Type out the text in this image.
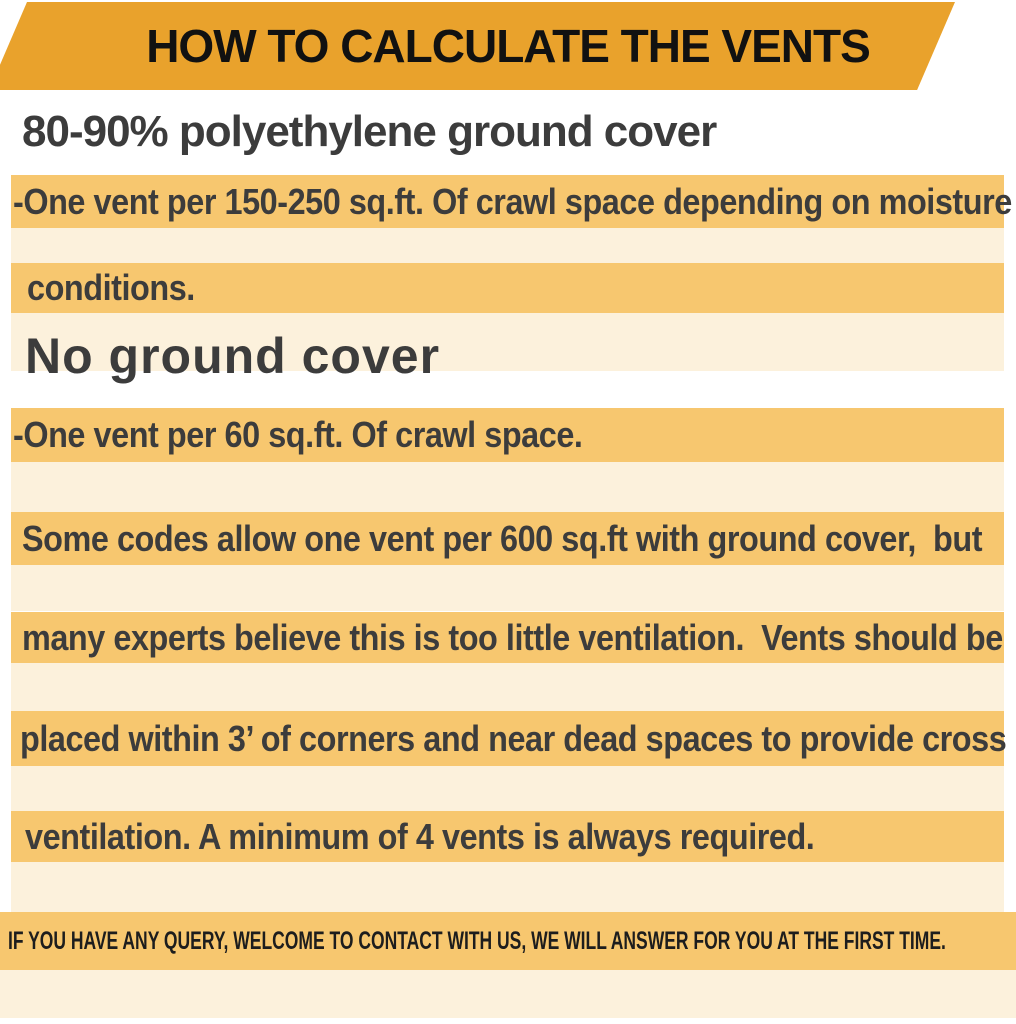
HOW TO CALCULATE THE VENTS
80-90% polyethylene ground cover
No ground cover
-One vent per 150-250 sq.ft. Of crawl space depending on moisture
conditions.
-One vent per 60 sq.ft. Of crawl space.
Some codes allow one vent per 600 sq.ft with ground cover,  but
many experts believe this is too little ventilation.  Vents should be
placed within 3’ of corners and near dead spaces to provide cross
ventilation. A minimum of 4 vents is always required.
IF YOU HAVE ANY QUERY, WELCOME TO CONTACT WITH US, WE WILL ANSWER FOR YOU AT THE FIRST TIME.
